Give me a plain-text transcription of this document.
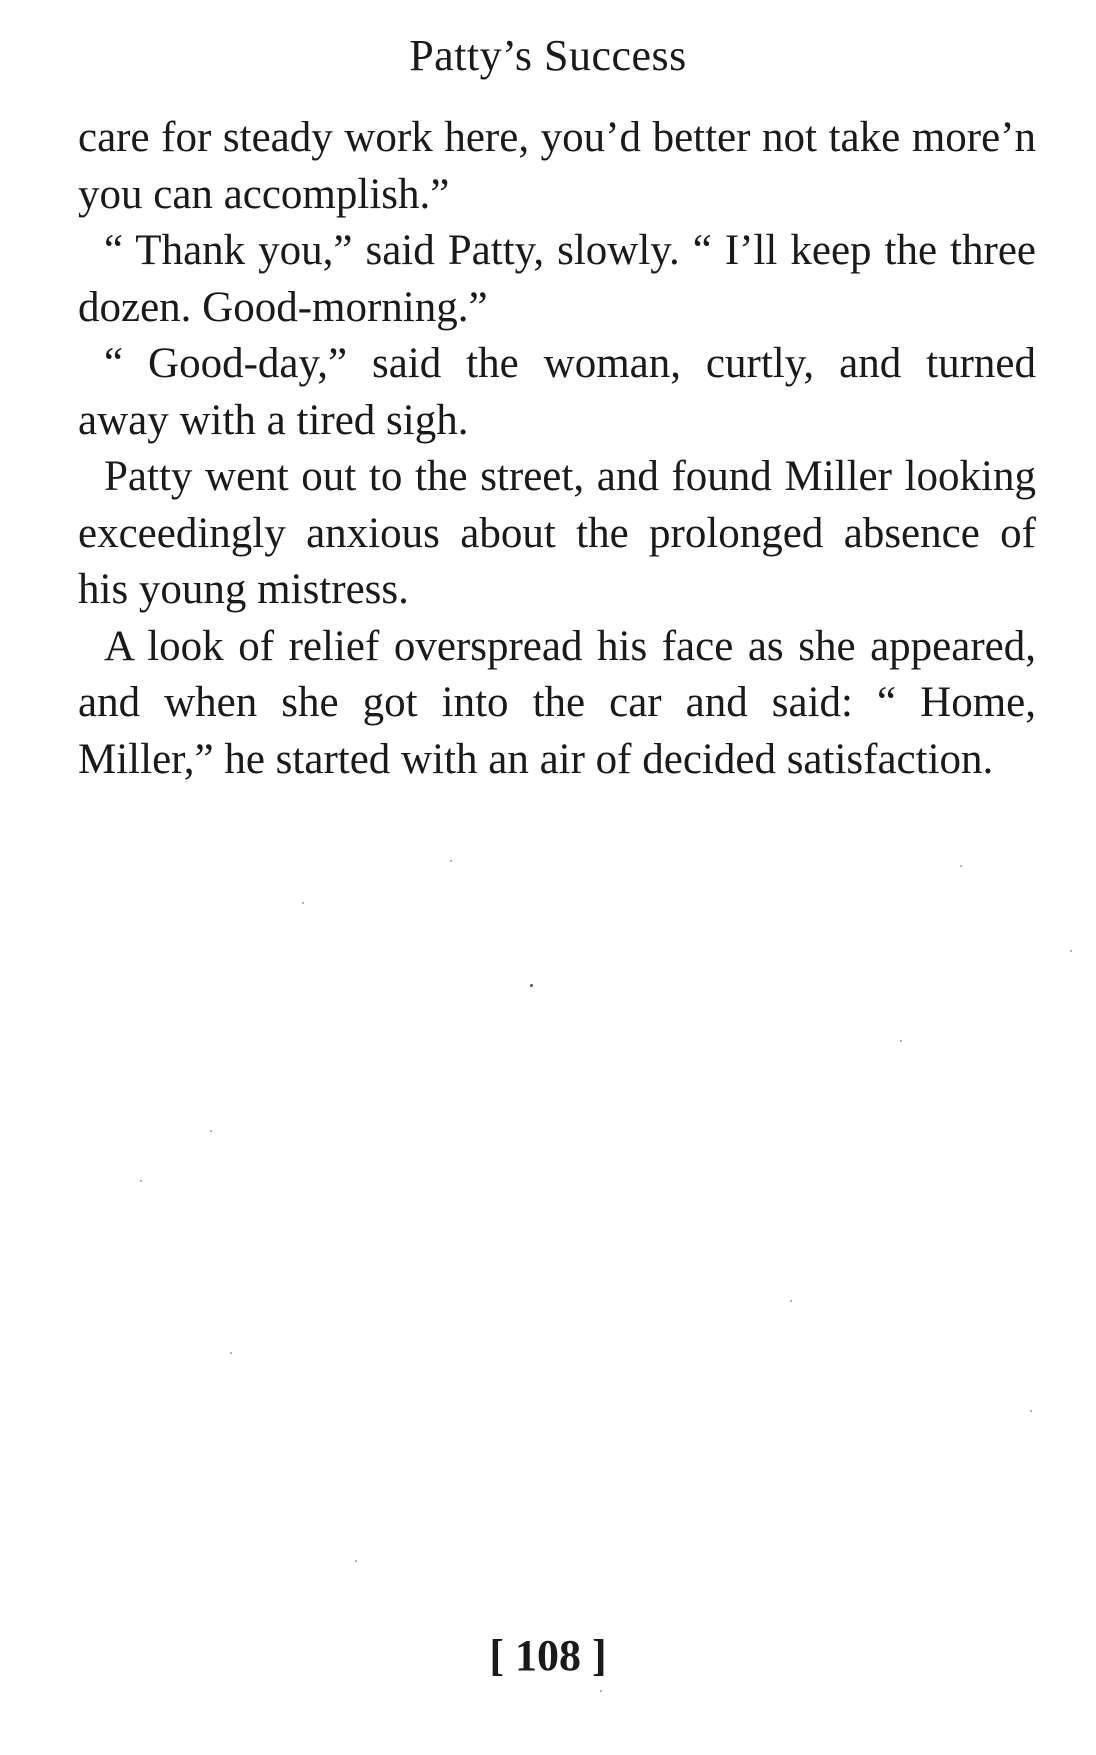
Patty’s Success

care for steady work here, you’d better not take more’n you can accomplish.”

“ Thank you,” said Patty, slowly. “ I’ll keep the three dozen. Good-morning.”

“ Good-day,” said the woman, curtly, and turned away with a tired sigh.

Patty went out to the street, and found Miller looking exceedingly anxious about the prolonged absence of his young mistress.

A look of relief overspread his face as she appeared, and when she got into the car and said: “ Home, Miller,” he started with an air of decided satisfaction.

[ 108 ]
